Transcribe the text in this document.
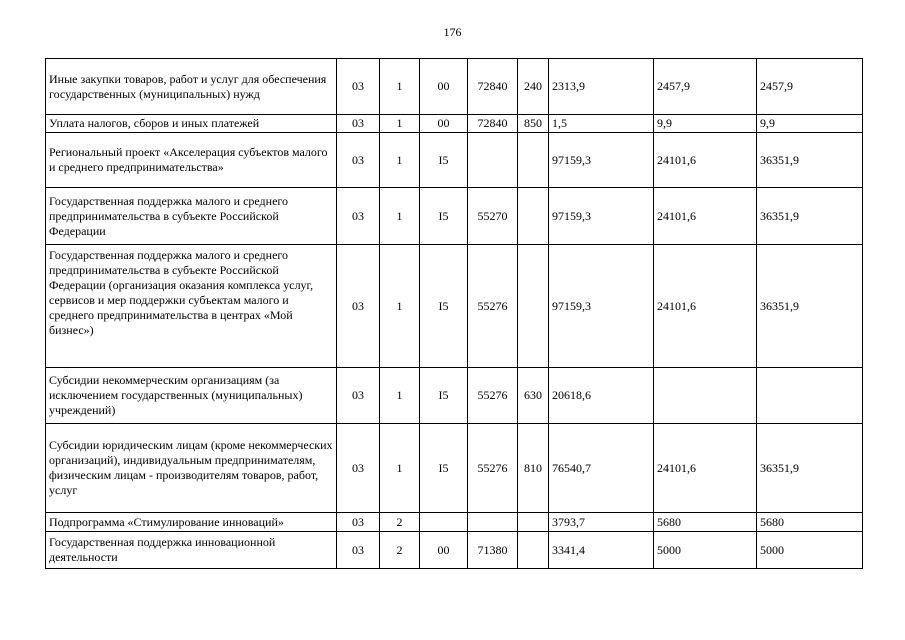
176
Иные закупки товаров, работ и услуг для обеспечения государственных (муниципальных) нужд	03	1	00	72840	240	2313,9	2457,9	2457,9
Уплата налогов, сборов и иных платежей	03	1	00	72840	850	1,5	9,9	9,9
Региональный проект «Акселерация субъектов малого и среднего предпринимательства»	03	1	I5			97159,3	24101,6	36351,9
Государственная поддержка малого и среднего предпринимательства в субъекте Российской Федерации	03	1	I5	55270		97159,3	24101,6	36351,9
Государственная поддержка малого и среднего предпринимательства в субъекте Российской Федерации (организация оказания комплекса услуг, сервисов и мер поддержки субъектам малого и среднего предпринимательства в центрах «Мой бизнес»)	03	1	I5	55276		97159,3	24101,6	36351,9
Субсидии некоммерческим организациям (за исключением государственных (муниципальных) учреждений)	03	1	I5	55276	630	20618,6		
Субсидии юридическим лицам (кроме некоммерческих организаций), индивидуальным предпринимателям, физическим лицам - производителям товаров, работ, услуг	03	1	I5	55276	810	76540,7	24101,6	36351,9
Подпрограмма «Стимулирование инноваций»	03	2				3793,7	5680	5680
Государственная поддержка инновационной деятельности	03	2	00	71380		3341,4	5000	5000
